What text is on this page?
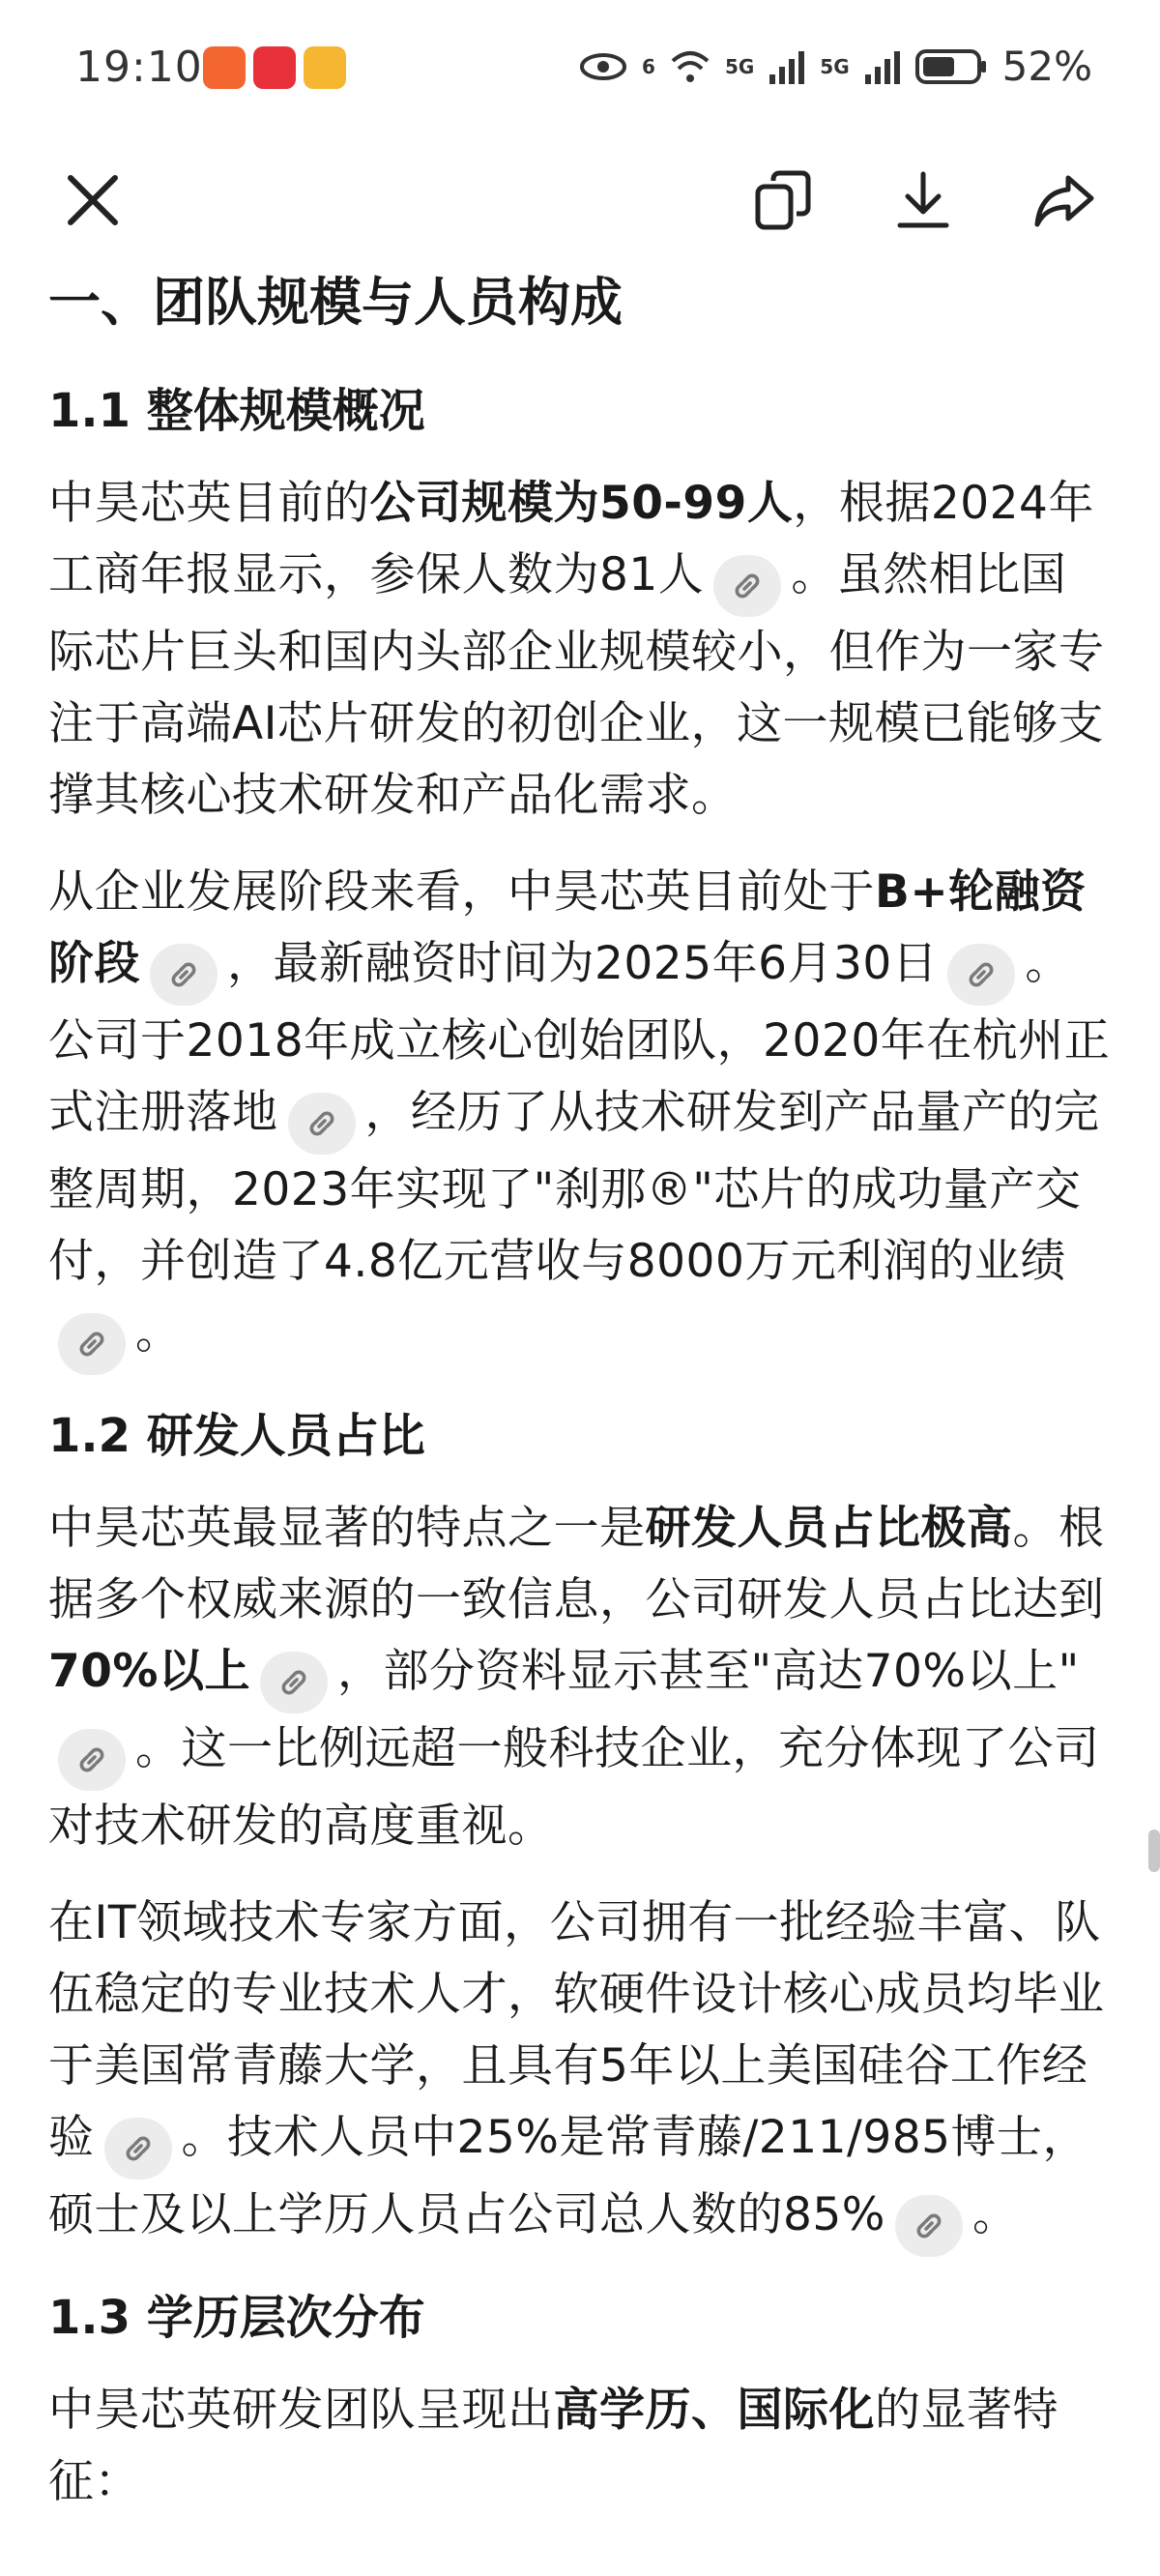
19:10	6	5G	5G	52%
一、团队规模与人员构成
1.1 整体规模概况

中昊芯英目前的公司规模为50-99人，根据2024年工商年报显示，参保人数为81人 。虽然相比国际芯片巨头和国内头部企业规模较小，但作为一家专注于高端AI芯片研发的初创企业，这一规模已能够支撑其核心技术研发和产品化需求。

从企业发展阶段来看，中昊芯英目前处于B+轮融资阶段 ，最新融资时间为2025年6月30日 。公司于2018年成立核心创始团队，2020年在杭州正式注册落地 ，经历了从技术研发到产品量产的完整周期，2023年实现了"刹那®"芯片的成功量产交付，并创造了4.8亿元营收与8000万元利润的业绩
。

1.2 研发人员占比

中昊芯英最显著的特点之一是研发人员占比极高。根据多个权威来源的一致信息，公司研发人员占比达到70%以上 ，部分资料显示甚至"高达70%以上"
。这一比例远超一般科技企业，充分体现了公司对技术研发的高度重视。

在IT领域技术专家方面，公司拥有一批经验丰富、队伍稳定的专业技术人才，软硬件设计核心成员均毕业于美国常青藤大学，且具有5年以上美国硅谷工作经验 。技术人员中25%是常青藤/211/985博士，硕士及以上学历人员占公司总人数的85% 。

1.3 学历层次分布

中昊芯英研发团队呈现出高学历、国际化的显著特征：
